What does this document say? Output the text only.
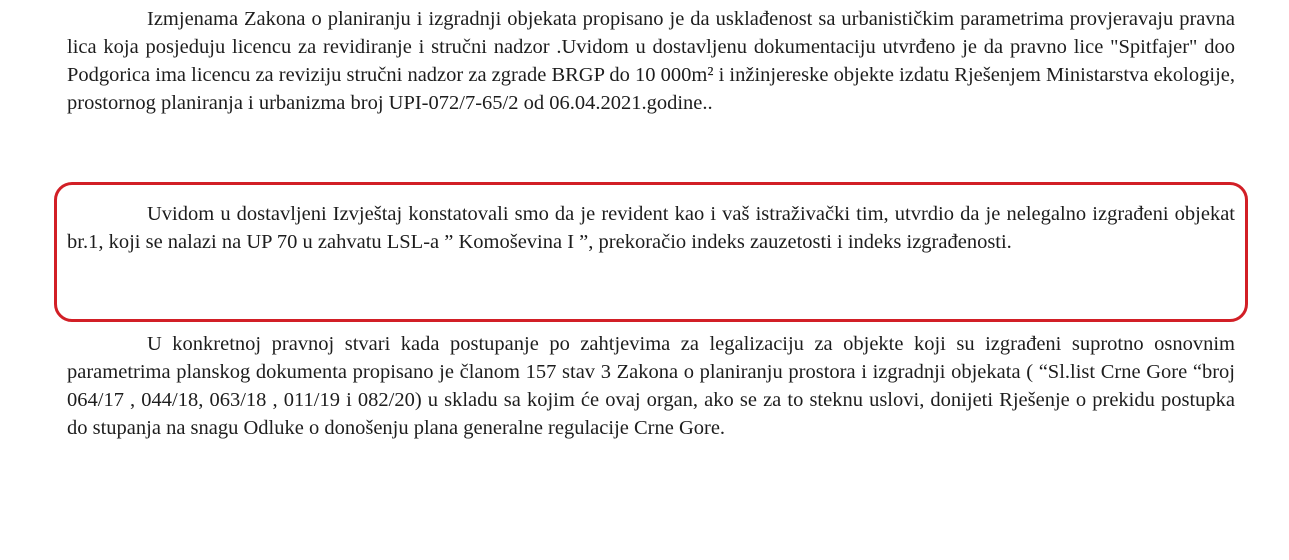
Izmjenama Zakona o planiranju i izgradnji objekata propisano je da usklađenost sa urbanističkim parametrima provjeravaju pravna lica koja posjeduju licencu za revidiranje i stručni nadzor .Uvidom u dostavljenu dokumentaciju utvrđeno je da pravno lice "Spitfajer" doo Podgorica ima licencu za reviziju stručni nadzor za zgrade BRGP do 10 000m² i inžinjereske objekte izdatu Rješenjem Ministarstva ekologije, prostornog planiranja i urbanizma broj UPI-072/7-65/2 od 06.04.2021.godine..

Uvidom u dostavljeni Izvještaj konstatovali smo da je revident kao i vaš istraživački tim, utvrdio da je nelegalno izgrađeni objekat br.1, koji se nalazi na UP 70 u zahvatu LSL-a ” Komoševina I ”, prekoračio indeks zauzetosti i indeks izgrađenosti.

U konkretnoj pravnoj stvari kada postupanje po zahtjevima za legalizaciju za objekte koji su izgrađeni suprotno osnovnim parametrima planskog dokumenta propisano je članom 157 stav 3 Zakona o planiranju prostora i izgradnji objekata ( “Sl.list Crne Gore “broj 064/17 , 044/18, 063/18 , 011/19 i 082/20) u skladu sa kojim će ovaj organ, ako se za to steknu uslovi, donijeti Rješenje o prekidu postupka do stupanja na snagu Odluke o donošenju plana generalne regulacije Crne Gore.
